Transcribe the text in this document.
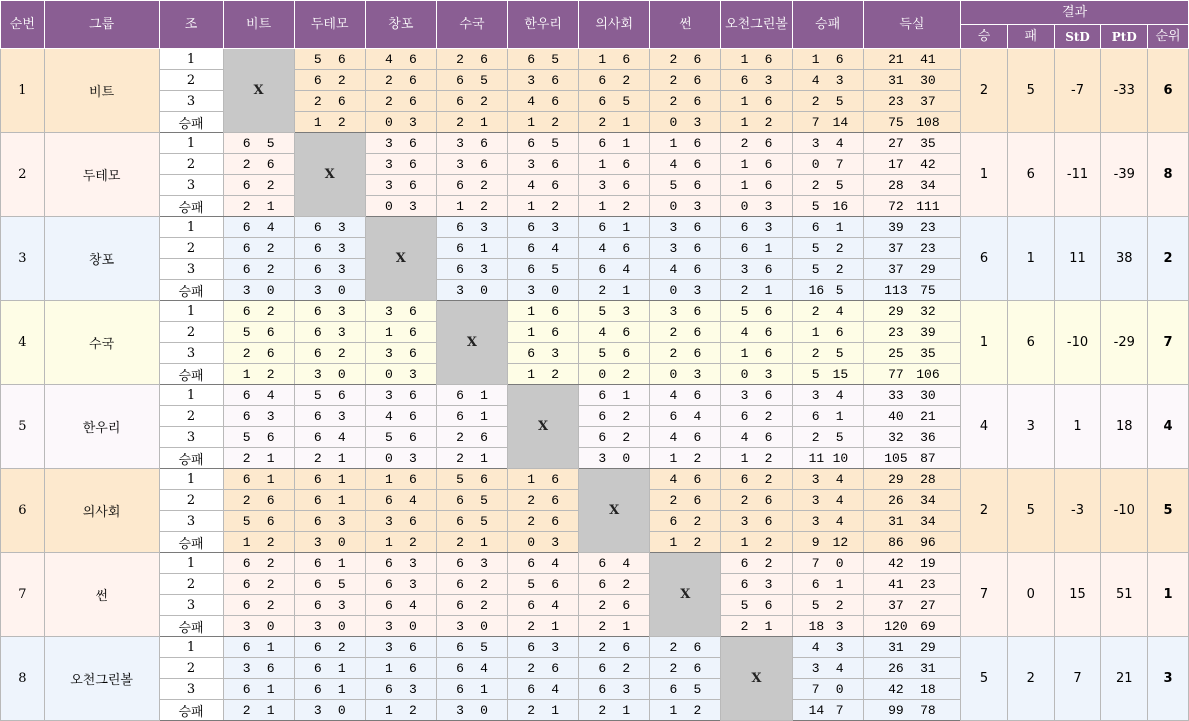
순번	그룹	조	비트	두테모	창포	수국	한우리	의사회	썬	오천그린볼	승패	득실	결과				
													승	패	StD	PtD	순위
1	비트	1	X	5 6	4 6	2 6	6 5	1 6	2 6	1 6	1 6	21 41	2	5	-7	-33	6
		2		6 2	2 6	6 5	3 6	6 2	2 6	6 3	4 3	31 30					
		3		2 6	2 6	6 2	4 6	6 5	2 6	1 6	2 5	23 37					
		승패		1 2	0 3	2 1	1 2	2 1	0 3	1 2	7 14	75 108					
2	두테모	1	6 5	X	3 6	3 6	6 5	6 1	1 6	2 6	3 4	27 35	1	6	-11	-39	8
		2	2 6		3 6	3 6	3 6	1 6	4 6	1 6	0 7	17 42					
		3	6 2		3 6	6 2	4 6	3 6	5 6	1 6	2 5	28 34					
		승패	2 1		0 3	1 2	1 2	1 2	0 3	0 3	5 16	72 111					
3	창포	1	6 4	6 3	X	6 3	6 3	6 1	3 6	6 3	6 1	39 23	6	1	11	38	2
		2	6 2	6 3		6 1	6 4	4 6	3 6	6 1	5 2	37 23					
		3	6 2	6 3		6 3	6 5	6 4	4 6	3 6	5 2	37 29					
		승패	3 0	3 0		3 0	3 0	2 1	0 3	2 1	16 5	113 75					
4	수국	1	6 2	6 3	3 6	X	1 6	5 3	3 6	5 6	2 4	29 32	1	6	-10	-29	7
		2	5 6	6 3	1 6		1 6	4 6	2 6	4 6	1 6	23 39					
		3	2 6	6 2	3 6		6 3	5 6	2 6	1 6	2 5	25 35					
		승패	1 2	3 0	0 3		1 2	0 2	0 3	0 3	5 15	77 106					
5	한우리	1	6 4	5 6	3 6	6 1	X	6 1	4 6	3 6	3 4	33 30	4	3	1	18	4
		2	6 3	6 3	4 6	6 1		6 2	6 4	6 2	6 1	40 21					
		3	5 6	6 4	5 6	2 6		6 2	4 6	4 6	2 5	32 36					
		승패	2 1	2 1	0 3	2 1		3 0	1 2	1 2	11 10	105 87					
6	의사회	1	6 1	6 1	1 6	5 6	1 6	X	4 6	6 2	3 4	29 28	2	5	-3	-10	5
		2	2 6	6 1	6 4	6 5	2 6		2 6	2 6	3 4	26 34					
		3	5 6	6 3	3 6	6 5	2 6		6 2	3 6	3 4	31 34					
		승패	1 2	3 0	1 2	2 1	0 3		1 2	1 2	9 12	86 96					
7	썬	1	6 2	6 1	6 3	6 3	6 4	6 4	X	6 2	7 0	42 19	7	0	15	51	1
		2	6 2	6 5	6 3	6 2	5 6	6 2		6 3	6 1	41 23					
		3	6 2	6 3	6 4	6 2	6 4	2 6		5 6	5 2	37 27					
		승패	3 0	3 0	3 0	3 0	2 1	2 1		2 1	18 3	120 69					
8	오천그린볼	1	6 1	6 2	3 6	6 5	6 3	2 6	2 6	X	4 3	31 29	5	2	7	21	3
		2	3 6	6 1	1 6	6 4	2 6	6 2	2 6		3 4	26 31					
		3	6 1	6 1	6 3	6 1	6 4	6 3	6 5		7 0	42 18					
		승패	2 1	3 0	1 2	3 0	2 1	2 1	1 2		14 7	99 78					
